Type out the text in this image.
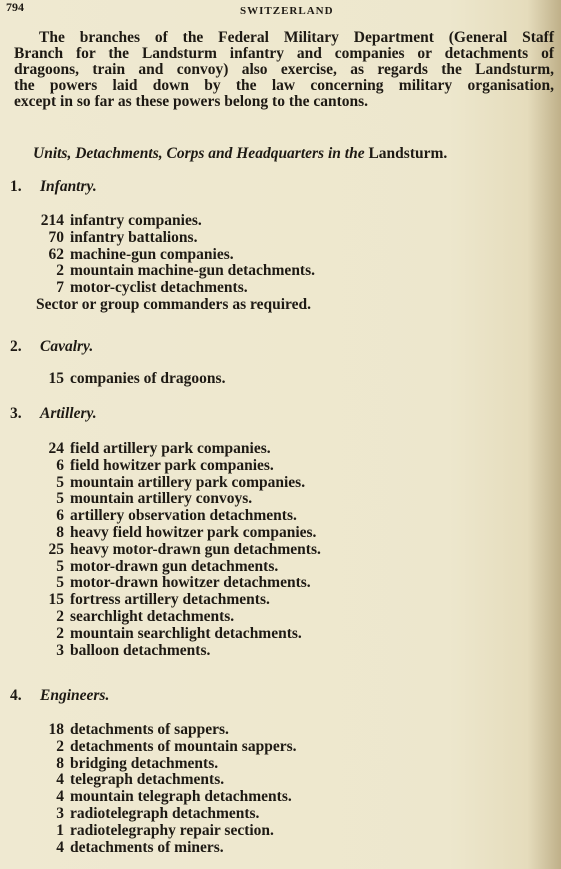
794	SWITZERLAND
The branches of the Federal Military Department (General Staff
Branch for the Landsturm infantry and companies or detachments of
dragoons, train and convoy) also exercise, as regards the Landsturm,
the powers laid down by the law concerning military organisation,
except in so far as these powers belong to the cantons.
Units, Detachments, Corps and Headquarters in the Landsturm.
1. Infantry.
214 infantry companies.
70 infantry battalions.
62 machine-gun companies.
2 mountain machine-gun detachments.
7 motor-cyclist detachments.
Sector or group commanders as required.
2. Cavalry.
15 companies of dragoons.
3. Artillery.
24 field artillery park companies.
6 field howitzer park companies.
5 mountain artillery park companies.
5 mountain artillery convoys.
6 artillery observation detachments.
8 heavy field howitzer park companies.
25 heavy motor-drawn gun detachments.
5 motor-drawn gun detachments.
5 motor-drawn howitzer detachments.
15 fortress artillery detachments.
2 searchlight detachments.
2 mountain searchlight detachments.
3 balloon detachments.
4. Engineers.
18 detachments of sappers.
2 detachments of mountain sappers.
8 bridging detachments.
4 telegraph detachments.
4 mountain telegraph detachments.
3 radiotelegraph detachments.
1 radiotelegraphy repair section.
4 detachments of miners.
